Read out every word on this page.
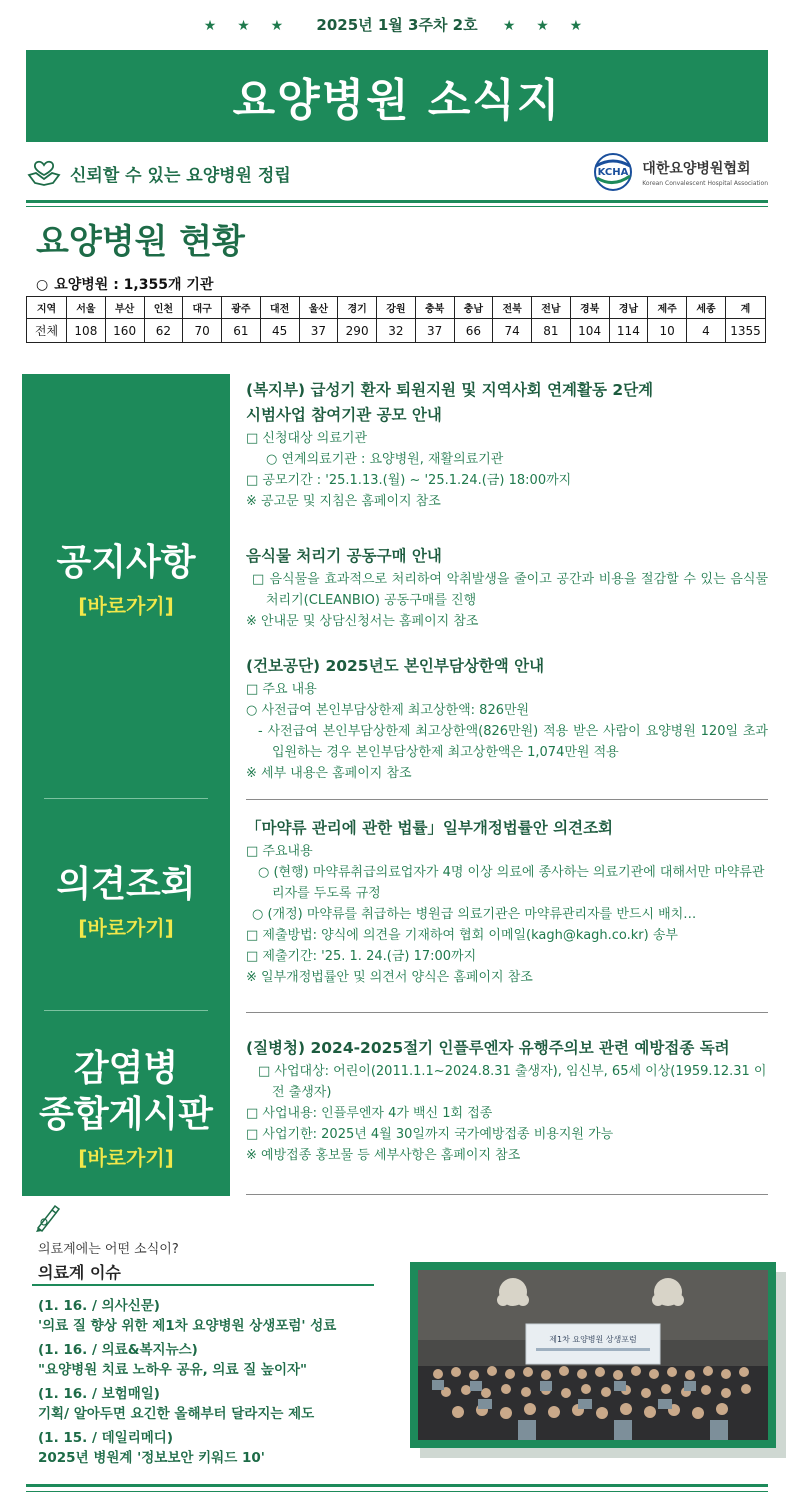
★ ★ ★ 2025년 1월 3주차 2호 ★ ★ ★
요양병원 소식지
신뢰할 수 있는 요양병원 정립	KCHA 대한요양병원협회
Korean Convalescent Hospital Association
요양병원 현황
○ 요양병원 : 1,355개 기관
지역	서울	부산	인천	대구	광주	대전	울산	경기	강원	충북	충남	전북	전남	경북	경남	제주	세종	계
전체	108	160	62	70	61	45	37	290	32	37	66	74	81	104	114	10	4	1355
공지사항
[바로가기]
의견조회
[바로가기]
감염병
종합게시판
[바로가기]
(복지부) 급성기 환자 퇴원지원 및 지역사회 연계활동 2단계
시범사업 참여기관 공모 안내
□ 신청대상 의료기관
○ 연계의료기관 : 요양병원, 재활의료기관
□ 공모기간 : '25.1.13.(월) ~ '25.1.24.(금) 18:00까지
※ 공고문 및 지침은 홈페이지 참조
음식물 처리기 공동구매 안내
□ 음식물을 효과적으로 처리하여 악취발생을 줄이고 공간과 비용을 절감할 수 있는 음식물 처리기(CLEANBIO) 공동구매를 진행
※ 안내문 및 상담신청서는 홈페이지 참조
(건보공단) 2025년도 본인부담상한액 안내
□ 주요 내용
○ 사전급여 본인부담상한제 최고상한액: 826만원
- 사전급여 본인부담상한제 최고상한액(826만원) 적용 받은 사람이 요양병원 120일 초과 입원하는 경우 본인부담상한제 최고상한액은 1,074만원 적용
※ 세부 내용은 홈페이지 참조
「마약류 관리에 관한 법률」일부개정법률안 의견조회
□ 주요내용
○ (현행) 마약류취급의료업자가 4명 이상 의료에 종사하는 의료기관에 대해서만 마약류관리자를 두도록 규정
○ (개정) 마약류를 취급하는 병원급 의료기관은 마약류관리자를 반드시 배치…
□ 제출방법: 양식에 의견을 기재하여 협회 이메일(kagh@kagh.co.kr) 송부
□ 제출기간: '25. 1. 24.(금) 17:00까지
※ 일부개정법률안 및 의견서 양식은 홈페이지 참조
(질병청) 2024-2025절기 인플루엔자 유행주의보 관련 예방접종 독려
□ 사업대상: 어린이(2011.1.1~2024.8.31 출생자), 임신부, 65세 이상(1959.12.31 이전 출생자)
□ 사업내용: 인플루엔자 4가 백신 1회 접종
□ 사업기한: 2025년 4월 30일까지 국가예방접종 비용지원 가능
※ 예방접종 홍보물 등 세부사항은 홈페이지 참조
의료계에는 어떤 소식이?
의료계 이슈
(1. 16. / 의사신문)
'의료 질 향상 위한 제1차 요양병원 상생포럼' 성료
(1. 16. / 의료&복지뉴스)
"요양병원 치료 노하우 공유, 의료 질 높이자"
(1. 16. / 보험매일)
기획/ 알아두면 요긴한 올해부터 달라지는 제도
(1. 15. / 데일리메디)
2025년 병원계 '정보보안 키워드 10'
제1차 요양병원 상생포럼
